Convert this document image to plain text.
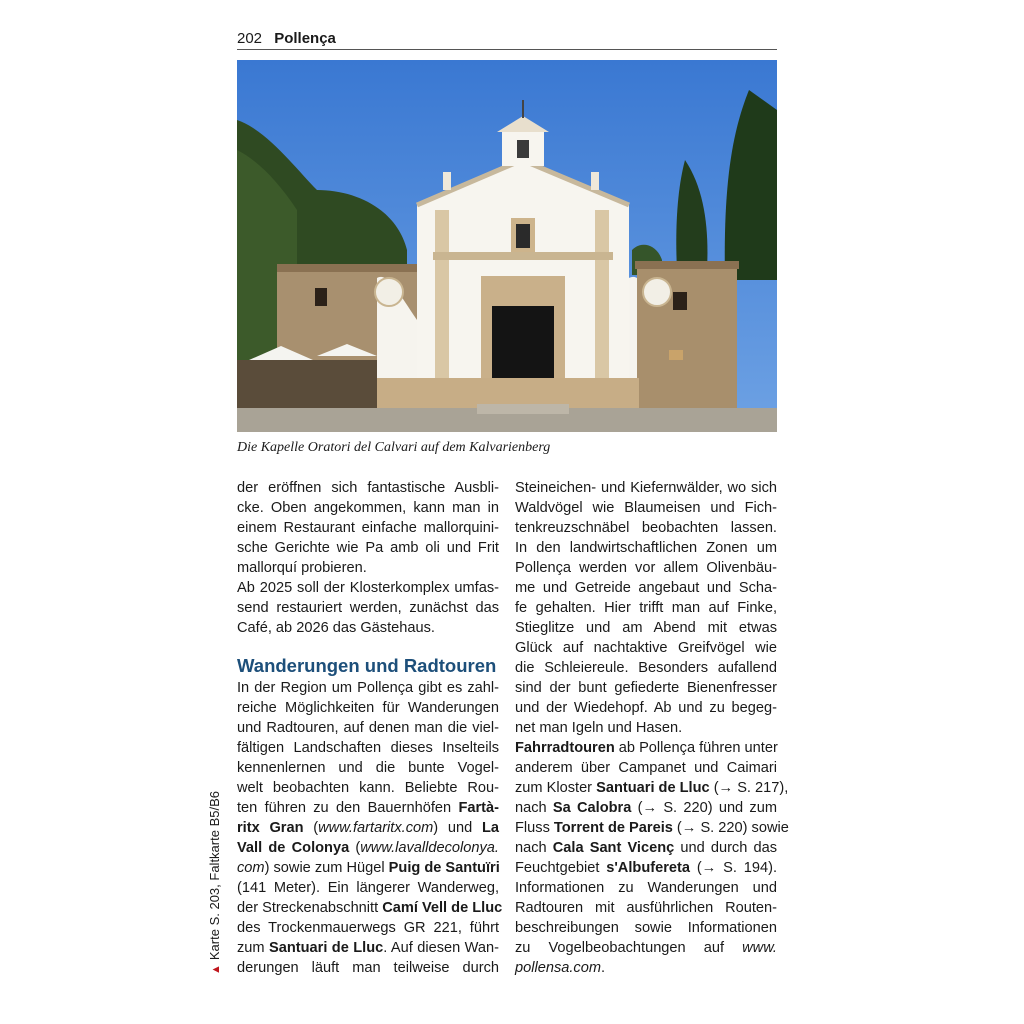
202 Pollença
Die Kapelle Oratori del Calvari auf dem Kalvarienberg
der eröffnen sich fantastische Ausbli-
cke. Oben angekommen, kann man in
einem Restaurant einfache mallorquini-
sche Gerichte wie Pa amb oli und Frit
mallorquí probieren.
Ab 2025 soll der Klosterkomplex umfas-
send restauriert werden, zunächst das
Café, ab 2026 das Gästehaus.
Wanderungen und Radtouren
In der Region um Pollença gibt es zahl-
reiche Möglichkeiten für Wanderungen
und Radtouren, auf denen man die viel-
fältigen Landschaften dieses Inselteils
kennenlernen und die bunte Vogel-
welt beobachten kann. Beliebte Rou-
ten führen zu den Bauernhöfen Fartà-
ritx Gran (www.fartaritx.com) und La
Vall de Colonya (www.lavalldecolonya.
com) sowie zum Hügel Puig de Santuïri
(141 Meter). Ein längerer Wanderweg,
der Streckenabschnitt Camí Vell de Lluc
des Trockenmauerwegs GR 221, führt
zum Santuari de Lluc. Auf diesen Wan-
derungen läuft man teilweise durch
Steineichen- und Kiefernwälder, wo sich
Waldvögel wie Blaumeisen und Fich-
tenkreuzschnäbel beobachten lassen.
In den landwirtschaftlichen Zonen um
Pollença werden vor allem Olivenbäu-
me und Getreide angebaut und Scha-
fe gehalten. Hier trifft man auf Finke,
Stieglitze und am Abend mit etwas
Glück auf nachtaktive Greifvögel wie
die Schleiereule. Besonders aufallend
sind der bunt gefiederte Bienenfresser
und der Wiedehopf. Ab und zu begeg-
net man Igeln und Hasen.
Fahrradtouren ab Pollença führen unter
anderem über Campanet und Caimari
zum Kloster Santuari de Lluc (→ S. 217),
nach Sa Calobra (→ S. 220) und zum
Fluss Torrent de Pareis (→ S. 220) sowie
nach Cala Sant Vicenç und durch das
Feuchtgebiet s'Albufereta (→ S. 194).
Informationen zu Wanderungen und
Radtouren mit ausführlichen Routen-
beschreibungen sowie Informationen
zu Vogelbeobachtungen auf www.
pollensa.com.
▲Karte S. 203, Faltkarte B5/B6
